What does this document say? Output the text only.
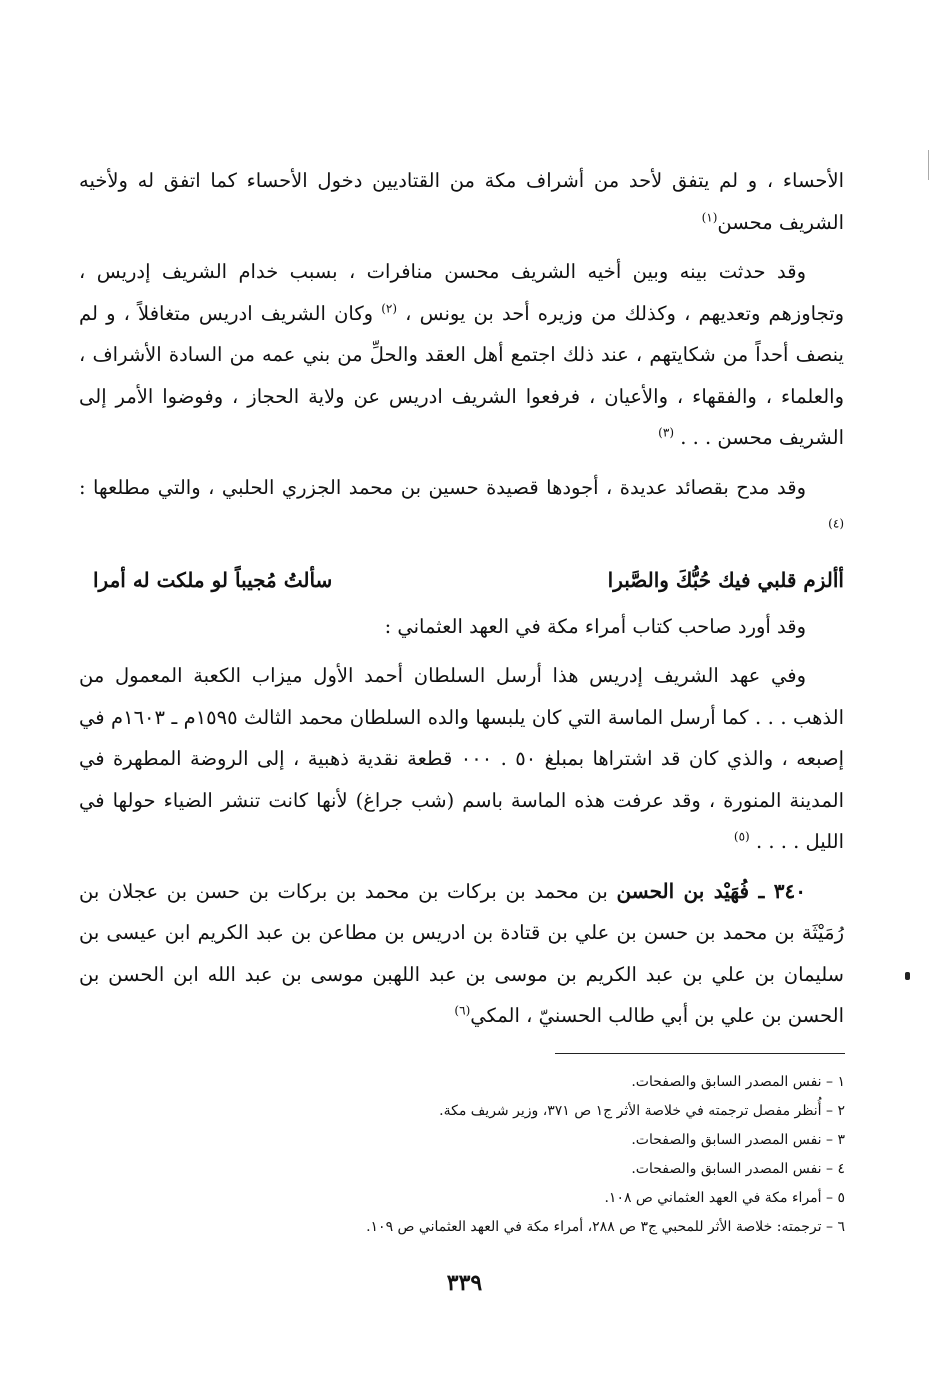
الأحساء ، و لم يتفق لأحد من أشراف مكة من القتاديين دخول الأحساء كما اتفق له ولأخيه الشريف محسن$^{(١)}$

وقد حدثت بينه وبين أخيه الشريف محسن منافرات ، بسبب خدام الشريف إدريس ، وتجاوزهم وتعديهم ، وكذلك من وزيره أحد بن يونس ، $^{(٢)}$ وكان الشريف ادريس متغافلاً ، و لم ينصف أحداً من شكايتهم ، عند ذلك اجتمع أهل العقد والحلِّ من بني عمه من السادة الأشراف ، والعلماء ، والفقهاء ، والأعيان ، فرفعوا الشريف ادريس عن ولاية الحجاز ، وفوضوا الأمر إلى الشريف محسن . . . $^{(٣)}$

وقد مدح بقصائد عديدة ، أجودها قصيدة حسين بن محمد الجزري الحلبي ، والتي مطلعها : $^{(٤)}$

أألزم قلبي فيك حُبُّكَ والصَّبرا
سألتُ مُجيباً لو ملكت له أمرا

وقد أورد صاحب كتاب أمراء مكة في العهد العثماني :

وفي عهد الشريف إدريس هذا أرسل السلطان أحمد الأول ميزاب الكعبة المعمول من الذهب . . . كما أرسل الماسة التي كان يلبسها والده السلطان محمد الثالث ١٥٩٥م ـ ١٦٠٣م في إصبعه ، والذي كان قد اشتراها بمبلغ ٥٠ . ٠٠٠ قطعة نقدية ذهبية ، إلى الروضة المطهرة في المدينة المنورة ، وقد عرفت هذه الماسة باسم (شب جراغ) لأنها كانت تنشر الضياء حولها في الليل . . . . $^{(٥)}$

٣٤٠ ـ فُهَيْد بن الحسن بن محمد بن بركات بن محمد بن بركات بن حسن بن عجلان بن رُمَيْثَة بن محمد بن حسن بن علي بن قتادة بن ادريس بن مطاعن بن عبد الكريم ابن عيسى بن سليمان بن علي بن عبد الكريم بن موسى بن عبد اللهبن موسى بن عبد الله ابن الحسن بن الحسن بن علي بن أبي طالب الحسنيّ ، المكي$^{(٦)}$

١ – نفس المصدر السابق والصفحات.

٢ – أُنظر مفصل ترجمته في خلاصة الأثر ج١ ص ٣٧١، وزير شريف مكة.

٣ – نفس المصدر السابق والصفحات.

٤ – نفس المصدر السابق والصفحات.

٥ – أمراء مكة في العهد العثماني ص ١٠٨.

٦ – ترجمته: خلاصة الأثر للمحبي ج٣ ص ٢٨٨، أمراء مكة في العهد العثماني ص ١٠٩.

٣٣٩
